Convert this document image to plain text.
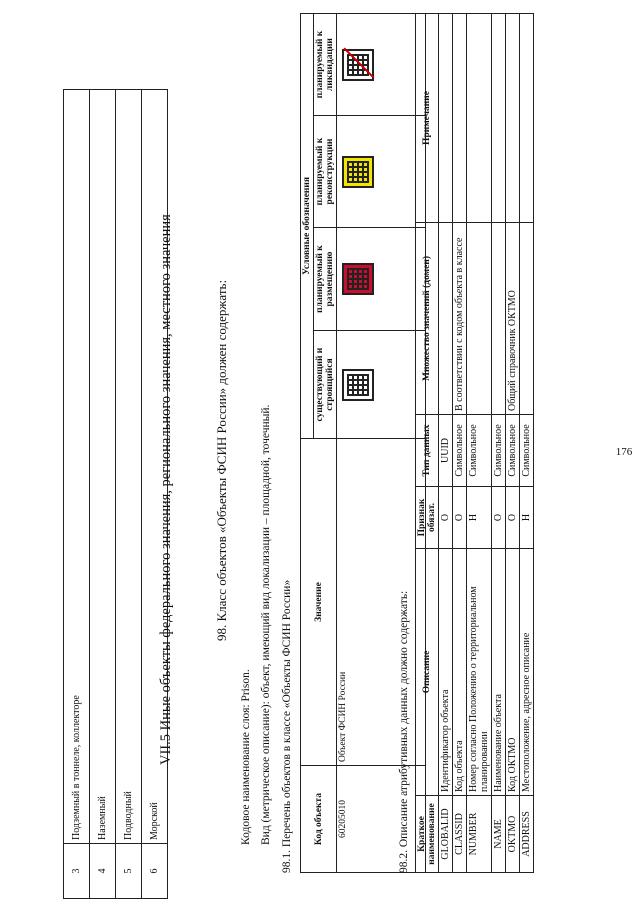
3	Подземный в тоннеле, коллекторе
4	Наземный
5	Подводный
6	Морской
VII.5 Иные объекты федерального значения, регионального значения, местного значения	98. Класс объектов «Объекты ФСИН России» должен содержать:
Кодовое наименование слоя: Prison. Вид (метрическое описание): объект, имеющий вид локализации – площадной, точечный. 98.1. Перечень объектов в классе «Объекты ФСИН России» Код объекта	Значение	Условные обозначения			
		существующий и строящийся	планируемый к размещению	планируемый к реконструкции	планируемый к ликвидации
60205010	Объект ФСИН России	

		98.2. Описание атрибутивных данных должно содержать: Краткое наименование	Описание	Признак обязат.	Тип данных	Множество значений (домен)	Примечание
GLOBALID	Идентификатор объекта	О	UUID		
CLASSID	Код объекта	О	Символьное	В соответствии с кодом объекта в классе	
NUMBER	Номер согласно Положению о территориальном планировании	Н	Символьное		
NAME	Наименование объекта	О	Символьное		
OKTMO	Код ОКТМО	О	Символьное	Общий справочник ОКТМО	
ADDRESS	Местоположение, адресное описание	Н	Символьное			176
